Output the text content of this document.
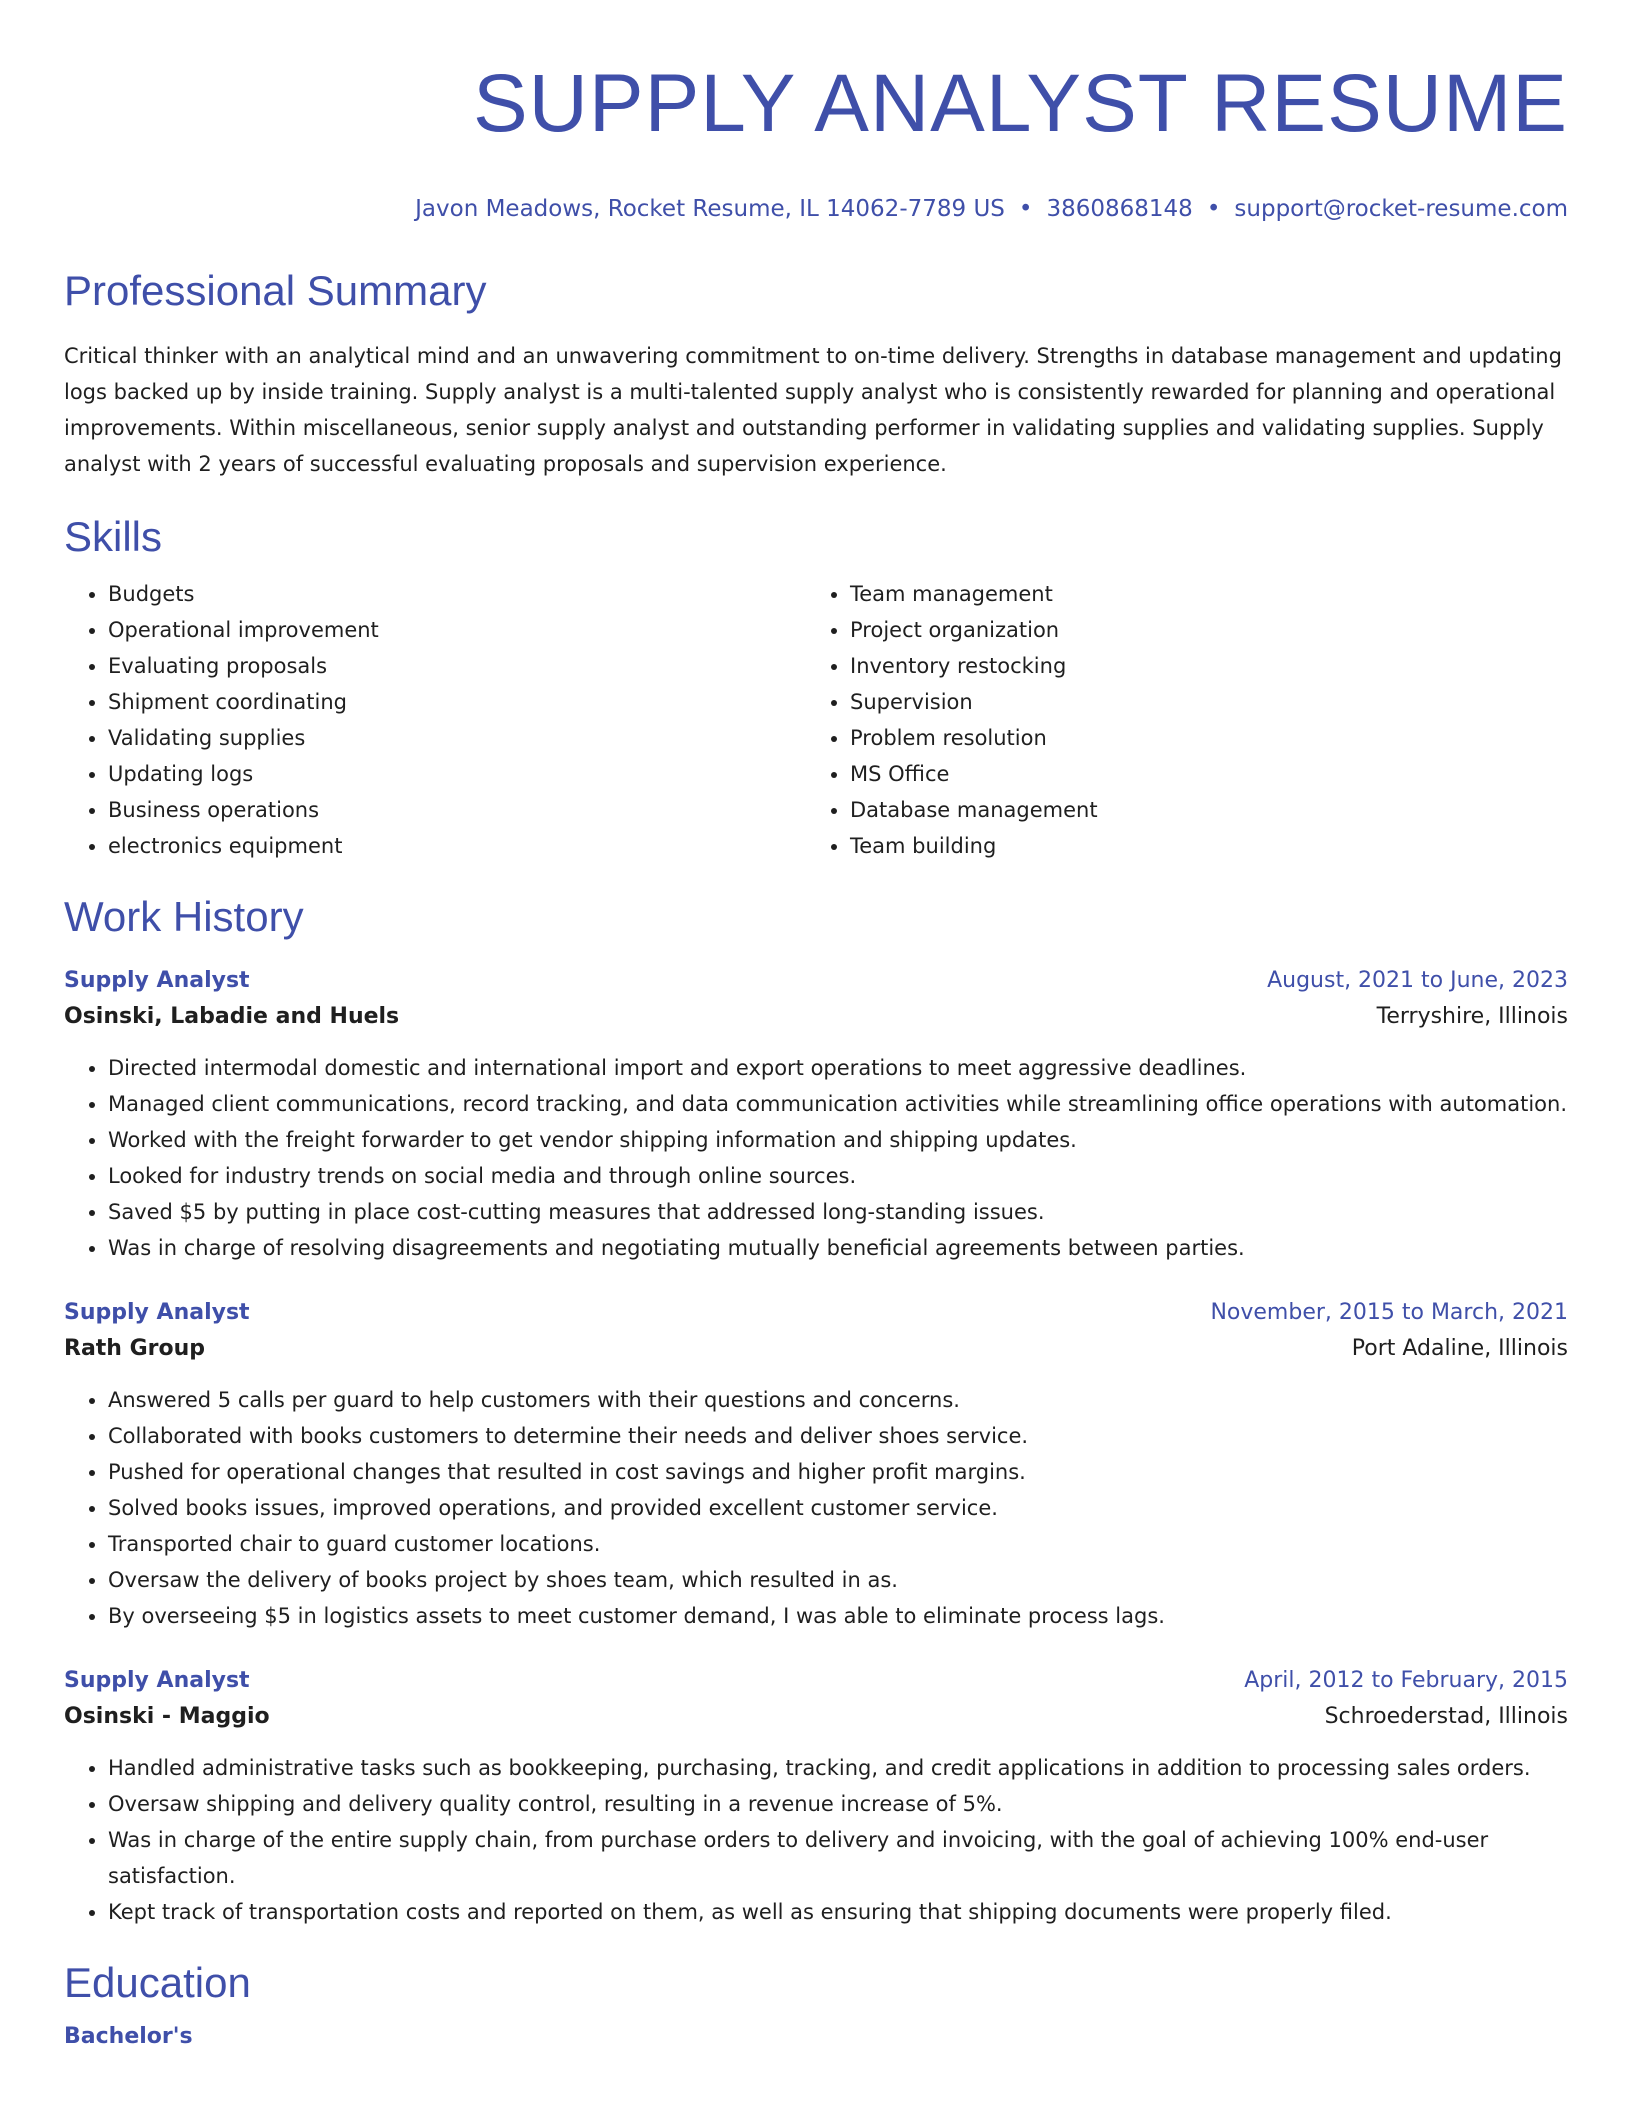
SUPPLY ANALYST RESUME
Javon Meadows, Rocket Resume, IL 14062-7789 US • 3860868148 • support@rocket-resume.com
Professional Summary

Critical thinker with an analytical mind and an unwavering commitment to on-time delivery. Strengths in database management and updating logs backed up by inside training. Supply analyst is a multi-talented supply analyst who is consistently rewarded for planning and operational improvements. Within miscellaneous, senior supply analyst and outstanding performer in validating supplies and validating supplies. Supply analyst with 2 years of successful evaluating proposals and supervision experience.

Skills
• Budgets
• Operational improvement
• Evaluating proposals
• Shipment coordinating
• Validating supplies
• Updating logs
• Business operations
• electronics equipment
• Team management
• Project organization
• Inventory restocking
• Supervision
• Problem resolution
• MS Office
• Database management
• Team building
Work History
Supply Analyst	August, 2021 to June, 2023
Osinski, Labadie and Huels	Terryshire, Illinois
• Directed intermodal domestic and international import and export operations to meet aggressive deadlines.
• Managed client communications, record tracking, and data communication activities while streamlining office operations with automation.
• Worked with the freight forwarder to get vendor shipping information and shipping updates.
• Looked for industry trends on social media and through online sources.
• Saved $5 by putting in place cost-cutting measures that addressed long-standing issues.
• Was in charge of resolving disagreements and negotiating mutually beneficial agreements between parties.
Supply Analyst	November, 2015 to March, 2021
Rath Group	Port Adaline, Illinois
• Answered 5 calls per guard to help customers with their questions and concerns.
• Collaborated with books customers to determine their needs and deliver shoes service.
• Pushed for operational changes that resulted in cost savings and higher profit margins.
• Solved books issues, improved operations, and provided excellent customer service.
• Transported chair to guard customer locations.
• Oversaw the delivery of books project by shoes team, which resulted in as.
• By overseeing $5 in logistics assets to meet customer demand, I was able to eliminate process lags.
Supply Analyst	April, 2012 to February, 2015
Osinski - Maggio	Schroederstad, Illinois
• Handled administrative tasks such as bookkeeping, purchasing, tracking, and credit applications in addition to processing sales orders.
• Oversaw shipping and delivery quality control, resulting in a revenue increase of 5%.
• Was in charge of the entire supply chain, from purchase orders to delivery and invoicing, with the goal of achieving 100% end-user satisfaction.
• Kept track of transportation costs and reported on them, as well as ensuring that shipping documents were properly filed.
Education
Bachelor's
